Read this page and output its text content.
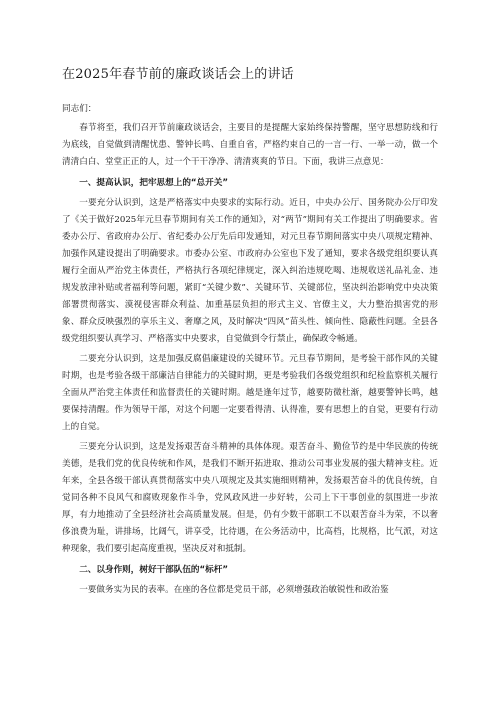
在2025年春节前的廉政谈话会上的讲话

同志们：

春节将至，我们召开节前廉政谈话会，主要目的是提醒大家始终保持警醒，坚守思想防线和行为底线，自觉做到清醒忧患、警钟长鸣、自重自省，严格约束自己的一言一行、一举一动，做一个清清白白、堂堂正正的人，过一个干干净净、清清爽爽的节日。下面，我讲三点意见：

一、提高认识，把牢思想上的“总开关”

一要充分认识到，这是严格落实中央要求的实际行动。近日，中央办公厅、国务院办公厅印发了《关于做好2025年元旦春节期间有关工作的通知》，对“两节”期间有关工作提出了明确要求。省委办公厅、省政府办公厅、省纪委办公厅先后印发通知，对元旦春节期间落实中央八项规定精神、加强作风建设提出了明确要求。市委办公室、市政府办公室也下发了通知，要求各级党组织要认真履行全面从严治党主体责任，严格执行各项纪律规定，深入纠治违规吃喝、违规收送礼品礼金、违规发放津补贴或者福利等问题，紧盯“关键少数”、关键环节、关键部位，坚决纠治影响党中央决策部署贯彻落实、漠视侵害群众利益、加重基层负担的形式主义、官僚主义，大力整治损害党的形象、群众反映强烈的享乐主义、奢靡之风，及时解决“四风”苗头性、倾向性、隐蔽性问题。全县各级党组织要认真学习、严格落实中央要求，自觉做到令行禁止，确保政令畅通。

二要充分认识到，这是加强反腐倡廉建设的关键环节。元旦春节期间，是考验干部作风的关键时期，也是考验各级干部廉洁自律能力的关键时期，更是考验我们各级党组织和纪检监察机关履行全面从严治党主体责任和监督责任的关键时期。越是逢年过节，越要防微杜渐，越要警钟长鸣，越要保持清醒。作为领导干部，对这个问题一定要看得清、认得准，要有思想上的自觉，更要有行动上的自觉。

三要充分认识到，这是发扬艰苦奋斗精神的具体体现。艰苦奋斗、勤俭节约是中华民族的传统美德，是我们党的优良传统和作风，是我们不断开拓进取、推动公司事业发展的强大精神支柱。近年来，全县各级干部认真贯彻落实中央八项规定及其实施细则精神，发扬艰苦奋斗的优良传统，自觉同各种不良风气和腐败现象作斗争，党风政风进一步好转，公司上下干事创业的氛围进一步浓厚，有力地推动了全县经济社会高质量发展。但是，仍有少数干部职工不以艰苦奋斗为荣，不以奢侈浪费为耻，讲排场，比阔气，讲享受，比待遇，在公务活动中，比高档，比规格，比气派，对这种现象，我们要引起高度重视，坚决反对和抵制。

二、以身作则，树好干部队伍的“标杆”

一要做务实为民的表率。在座的各位都是党员干部，必须增强政治敏锐性和政治鉴
